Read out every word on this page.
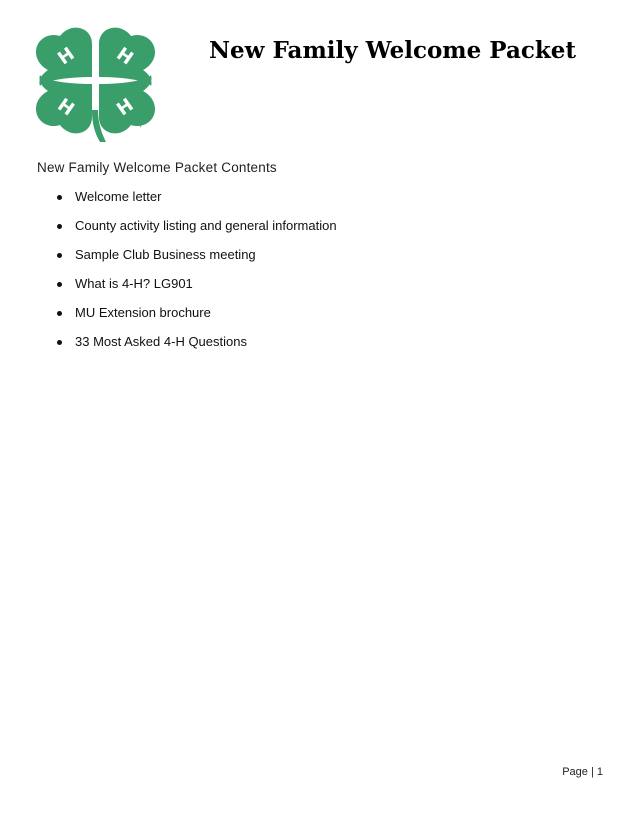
H H
H H 18 USC 707
New Family Welcome Packet
New Family Welcome Packet Contents
Welcome letter
County activity listing and general information
Sample Club Business meeting
What is 4-H? LG901
MU Extension brochure
33 Most Asked 4-H Questions
Page | 1
